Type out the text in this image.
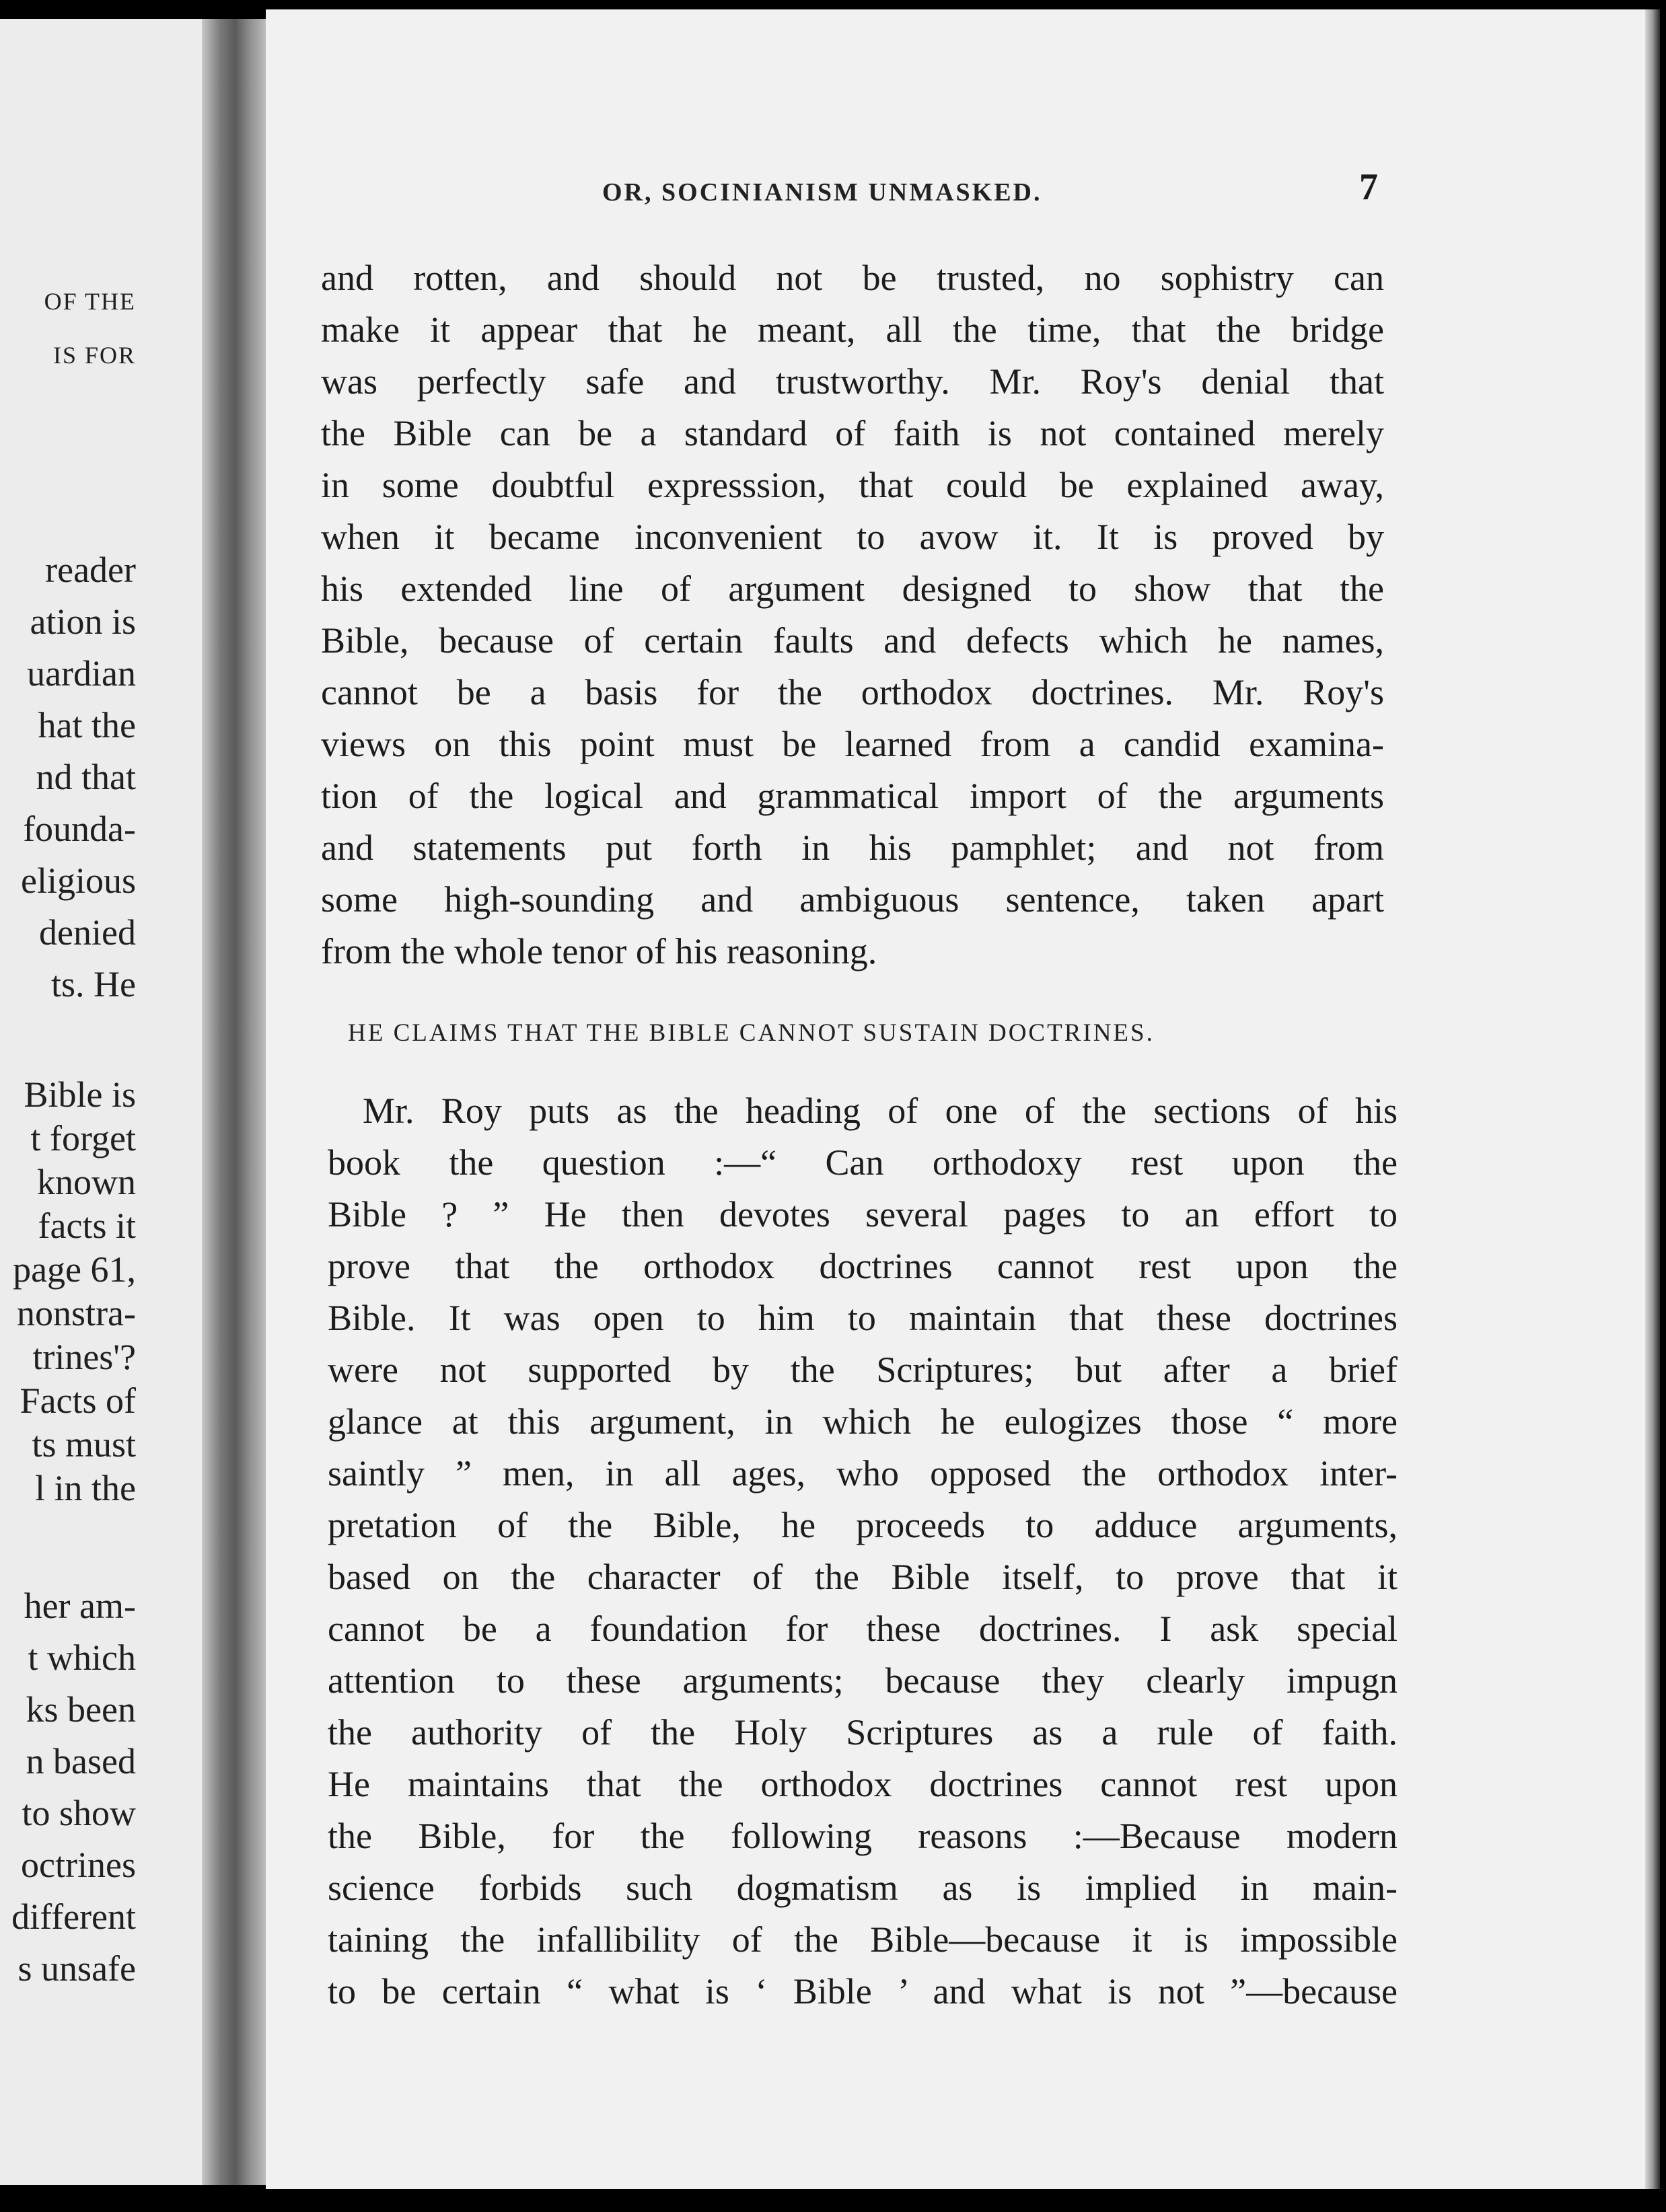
OF THE
IS FOR
reader
ation is
uardian
hat the
nd that
founda-
eligious
denied
ts. He
Bible is
t forget
known
facts it
page 61,
nonstra-
trines'?
Facts of
ts must
l in the
her am-
t which
ks been
n based
to show
octrines
different
s unsafe
OR, SOCINIANISM UNMASKED.	7
and rotten, and should not be trusted, no sophistry can
make it appear that he meant, all the time, that the bridge
was perfectly safe and trustworthy. Mr. Roy's denial that
the Bible can be a standard of faith is not contained merely
in some doubtful expresssion, that could be explained away,
when it became inconvenient to avow it. It is proved by
his extended line of argument designed to show that the
Bible, because of certain faults and defects which he names,
cannot be a basis for the orthodox doctrines. Mr. Roy's
views on this point must be learned from a candid examina-
tion of the logical and grammatical import of the arguments
and statements put forth in his pamphlet; and not from
some high-sounding and ambiguous sentence, taken apart
from the whole tenor of his reasoning.
HE CLAIMS THAT THE BIBLE CANNOT SUSTAIN DOCTRINES.
Mr. Roy puts as the heading of one of the sections of his
book the question :—“ Can orthodoxy rest upon the
Bible ? ” He then devotes several pages to an effort to
prove that the orthodox doctrines cannot rest upon the
Bible. It was open to him to maintain that these doctrines
were not supported by the Scriptures; but after a brief
glance at this argument, in which he eulogizes those “ more
saintly ” men, in all ages, who opposed the orthodox inter-
pretation of the Bible, he proceeds to adduce arguments,
based on the character of the Bible itself, to prove that it
cannot be a foundation for these doctrines. I ask special
attention to these arguments; because they clearly impugn
the authority of the Holy Scriptures as a rule of faith.
He maintains that the orthodox doctrines cannot rest upon
the Bible, for the following reasons :—Because modern
science forbids such dogmatism as is implied in main-
taining the infallibility of the Bible—because it is impossible
to be certain “ what is ‘ Bible ’ and what is not ”—because
